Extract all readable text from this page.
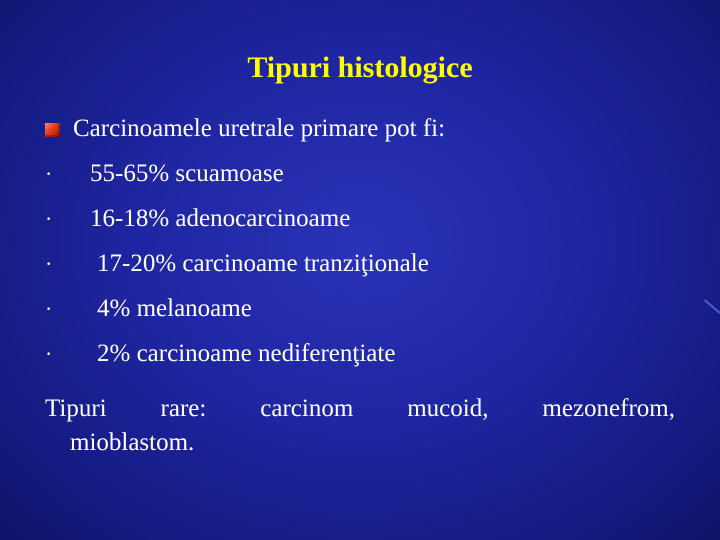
Tipuri histologice
Carcinoamele uretrale primare pot fi:
·	55-65% scuamoase
·	16-18% adenocarcinoame
·	17-20% carcinoame tranziţionale
·	4% melanoame
·	2% carcinoame nediferenţiate
Tipuri rare: carcinom mucoid, mezonefrom,
mioblastom.
